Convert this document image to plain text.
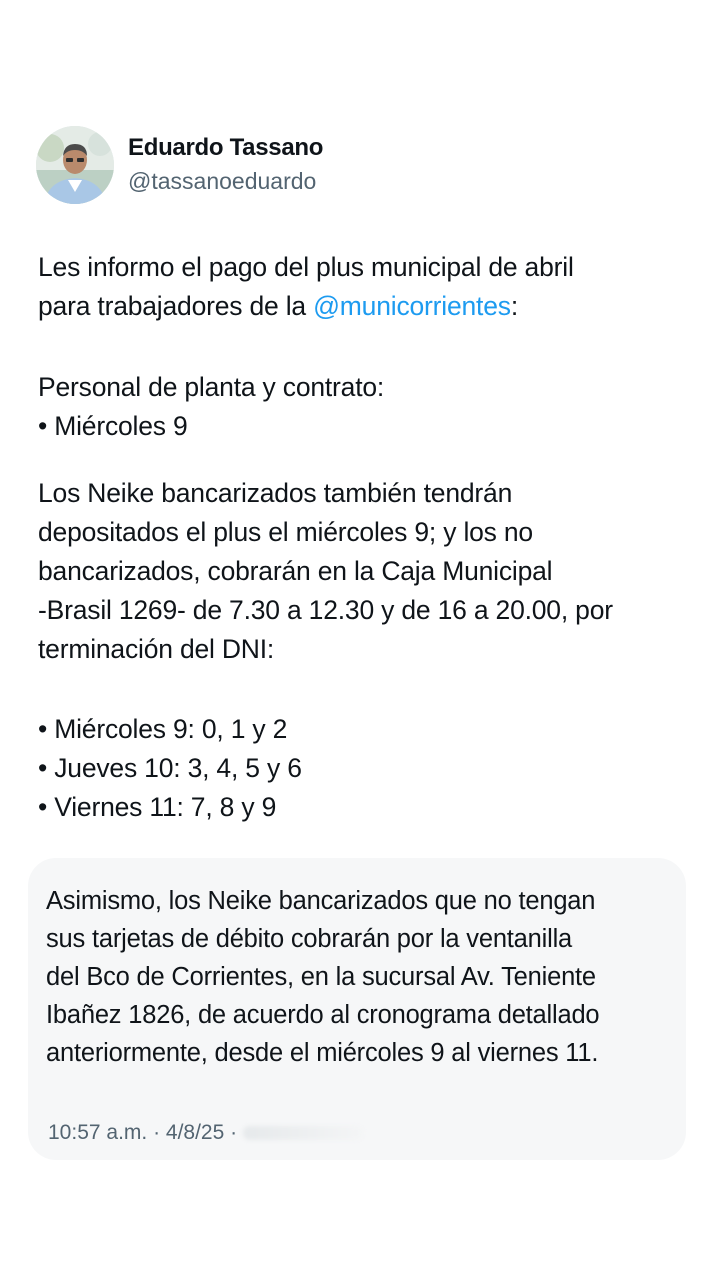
Eduardo Tassano
@tassanoeduardo
Les informo el pago del plus municipal de abril
para trabajadores de la @municorrientes:
Personal de planta y contrato:
• Miércoles 9
Los Neike bancarizados también tendrán
depositados el plus el miércoles 9; y los no
bancarizados, cobrarán en la Caja Municipal
-Brasil 1269- de 7.30 a 12.30 y de 16 a 20.00, por
terminación del DNI:
• Miércoles 9: 0, 1 y 2
• Jueves 10: 3, 4, 5 y 6
• Viernes 11: 7, 8 y 9
Asimismo, los Neike bancarizados que no tengan
sus tarjetas de débito cobrarán por la ventanilla
del Bco de Corrientes, en la sucursal Av. Teniente
Ibañez 1826, de acuerdo al cronograma detallado
anteriormente, desde el miércoles 9 al viernes 11.
10:57 a.m. · 4/8/25 ·
